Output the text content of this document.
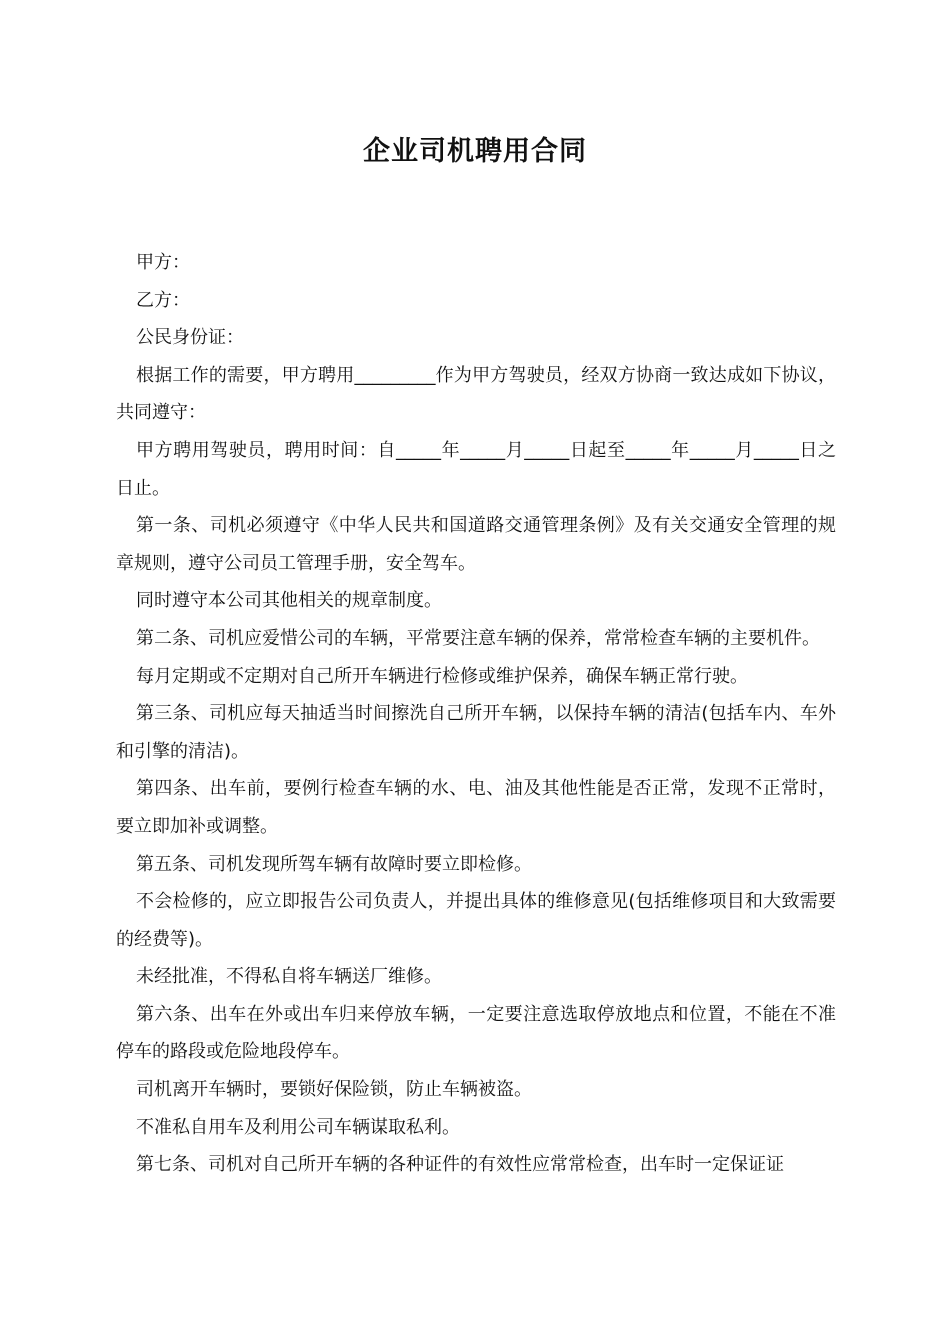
企业司机聘用合同

甲方：

乙方：

公民身份证：

根据工作的需要，甲方聘用_________作为甲方驾驶员，经双方协商一致达成如下协议，共同遵守：

甲方聘用驾驶员，聘用时间：自_____年_____月_____日起至_____年_____月_____日之日止。

第一条、司机必须遵守《中华人民共和国道路交通管理条例》及有关交通安全管理的规章规则，遵守公司员工管理手册，安全驾车。

同时遵守本公司其他相关的规章制度。

第二条、司机应爱惜公司的车辆，平常要注意车辆的保养，常常检查车辆的主要机件。

每月定期或不定期对自己所开车辆进行检修或维护保养，确保车辆正常行驶。

第三条、司机应每天抽适当时间擦洗自己所开车辆，以保持车辆的清洁(包括车内、车外和引擎的清洁)。

第四条、出车前，要例行检查车辆的水、电、油及其他性能是否正常，发现不正常时，要立即加补或调整。

第五条、司机发现所驾车辆有故障时要立即检修。

不会检修的，应立即报告公司负责人，并提出具体的维修意见(包括维修项目和大致需要的经费等)。

未经批准，不得私自将车辆送厂维修。

第六条、出车在外或出车归来停放车辆，一定要注意选取停放地点和位置，不能在不准停车的路段或危险地段停车。

司机离开车辆时，要锁好保险锁，防止车辆被盗。

不准私自用车及利用公司车辆谋取私利。

第七条、司机对自己所开车辆的各种证件的有效性应常常检查，出车时一定保证证
